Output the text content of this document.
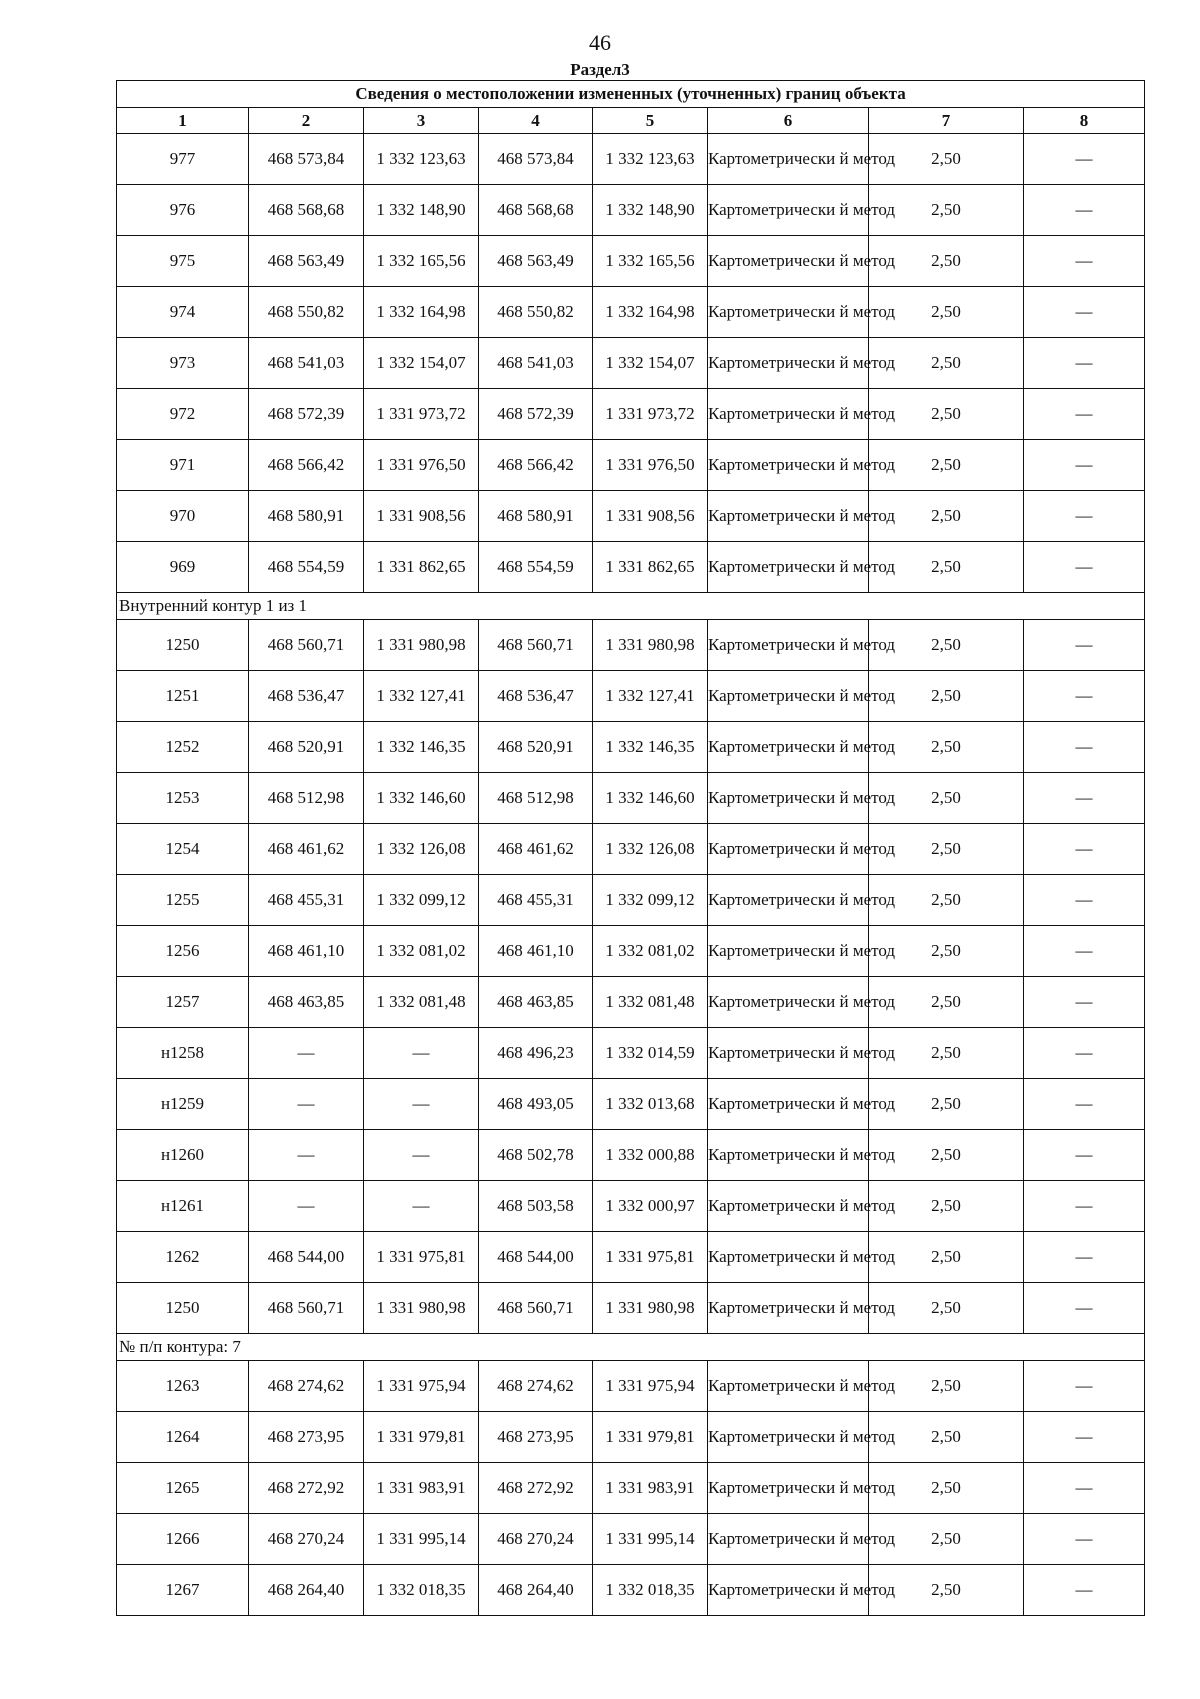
46
Раздел3
Сведения о местоположении измененных (уточненных) границ объекта							
1	2	3	4	5	6	7	8
977	468 573,84	1 332 123,63	468 573,84	1 332 123,63	Картометрически й метод	2,50	—
976	468 568,68	1 332 148,90	468 568,68	1 332 148,90	Картометрически й метод	2,50	—
975	468 563,49	1 332 165,56	468 563,49	1 332 165,56	Картометрически й метод	2,50	—
974	468 550,82	1 332 164,98	468 550,82	1 332 164,98	Картометрически й метод	2,50	—
973	468 541,03	1 332 154,07	468 541,03	1 332 154,07	Картометрически й метод	2,50	—
972	468 572,39	1 331 973,72	468 572,39	1 331 973,72	Картометрически й метод	2,50	—
971	468 566,42	1 331 976,50	468 566,42	1 331 976,50	Картометрически й метод	2,50	—
970	468 580,91	1 331 908,56	468 580,91	1 331 908,56	Картометрически й метод	2,50	—
969	468 554,59	1 331 862,65	468 554,59	1 331 862,65	Картометрически й метод	2,50	—
Внутренний контур 1 из 1							
1250	468 560,71	1 331 980,98	468 560,71	1 331 980,98	Картометрически й метод	2,50	—
1251	468 536,47	1 332 127,41	468 536,47	1 332 127,41	Картометрически й метод	2,50	—
1252	468 520,91	1 332 146,35	468 520,91	1 332 146,35	Картометрически й метод	2,50	—
1253	468 512,98	1 332 146,60	468 512,98	1 332 146,60	Картометрически й метод	2,50	—
1254	468 461,62	1 332 126,08	468 461,62	1 332 126,08	Картометрически й метод	2,50	—
1255	468 455,31	1 332 099,12	468 455,31	1 332 099,12	Картометрически й метод	2,50	—
1256	468 461,10	1 332 081,02	468 461,10	1 332 081,02	Картометрически й метод	2,50	—
1257	468 463,85	1 332 081,48	468 463,85	1 332 081,48	Картометрически й метод	2,50	—
н1258	—	—	468 496,23	1 332 014,59	Картометрически й метод	2,50	—
н1259	—	—	468 493,05	1 332 013,68	Картометрически й метод	2,50	—
н1260	—	—	468 502,78	1 332 000,88	Картометрически й метод	2,50	—
н1261	—	—	468 503,58	1 332 000,97	Картометрически й метод	2,50	—
1262	468 544,00	1 331 975,81	468 544,00	1 331 975,81	Картометрически й метод	2,50	—
1250	468 560,71	1 331 980,98	468 560,71	1 331 980,98	Картометрически й метод	2,50	—
№ п/п контура: 7							
1263	468 274,62	1 331 975,94	468 274,62	1 331 975,94	Картометрически й метод	2,50	—
1264	468 273,95	1 331 979,81	468 273,95	1 331 979,81	Картометрически й метод	2,50	—
1265	468 272,92	1 331 983,91	468 272,92	1 331 983,91	Картометрически й метод	2,50	—
1266	468 270,24	1 331 995,14	468 270,24	1 331 995,14	Картометрически й метод	2,50	—
1267	468 264,40	1 332 018,35	468 264,40	1 332 018,35	Картометрически й метод	2,50	—
